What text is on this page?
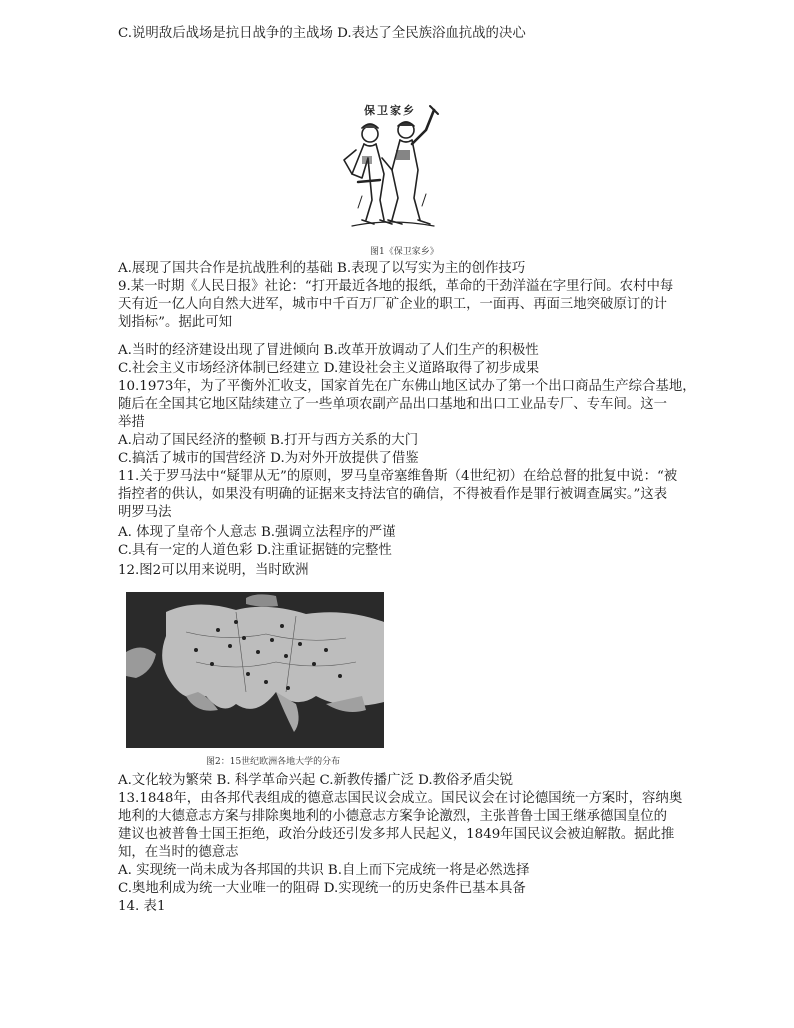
C.说明敌后战场是抗日战争的主战场 D.表达了全民族浴血抗战的决心
保卫家乡
图1《保卫家乡》
A.展现了国共合作是抗战胜利的基础 B.表现了以写实为主的创作技巧
9.某一时期《人民日报》社论：“打开最近各地的报纸，革命的干劲洋溢在字里行间。农村中每
天有近一亿人向自然大进军，城市中千百万厂矿企业的职工，一面再、再面三地突破原订的计
划指标”。据此可知
A.当时的经济建设出现了冒进倾向 B.改革开放调动了人们生产的积极性
C.社会主义市场经济体制已经建立 D.建设社会主义道路取得了初步成果
10.1973年，为了平衡外汇收支，国家首先在广东佛山地区试办了第一个出口商品生产综合基地，
随后在全国其它地区陆续建立了一些单项农副产品出口基地和出口工业品专厂、专车间。这一
举措
A.启动了国民经济的整顿 B.打开与西方关系的大门
C.搞活了城市的国营经济 D.为对外开放提供了借鉴
11.关于罗马法中“疑罪从无”的原则，罗马皇帝塞维鲁斯（4世纪初）在给总督的批复中说：“被
指控者的供认，如果没有明确的证据来支持法官的确信，不得被看作是罪行被调查属实。”这表
明罗马法
A. 体现了皇帝个人意志 B.强调立法程序的严谨
C.具有一定的人道色彩 D.注重证据链的完整性
12.图2可以用来说明，当时欧洲
图2：15世纪欧洲各地大学的分布
A.文化较为繁荣 B. 科学革命兴起 C.新教传播广泛 D.教俗矛盾尖锐
13.1848年，由各邦代表组成的德意志国民议会成立。国民议会在讨论德国统一方案时，容纳奥
地利的大德意志方案与排除奥地利的小德意志方案争论激烈，主张普鲁士国王继承德国皇位的
建议也被普鲁士国王拒绝，政治分歧还引发多邦人民起义，1849年国民议会被迫解散。据此推
知，在当时的德意志
A. 实现统一尚未成为各邦国的共识 B.自上而下完成统一将是必然选择
C.奥地利成为统一大业唯一的阻碍 D.实现统一的历史条件已基本具备
14. 表1
